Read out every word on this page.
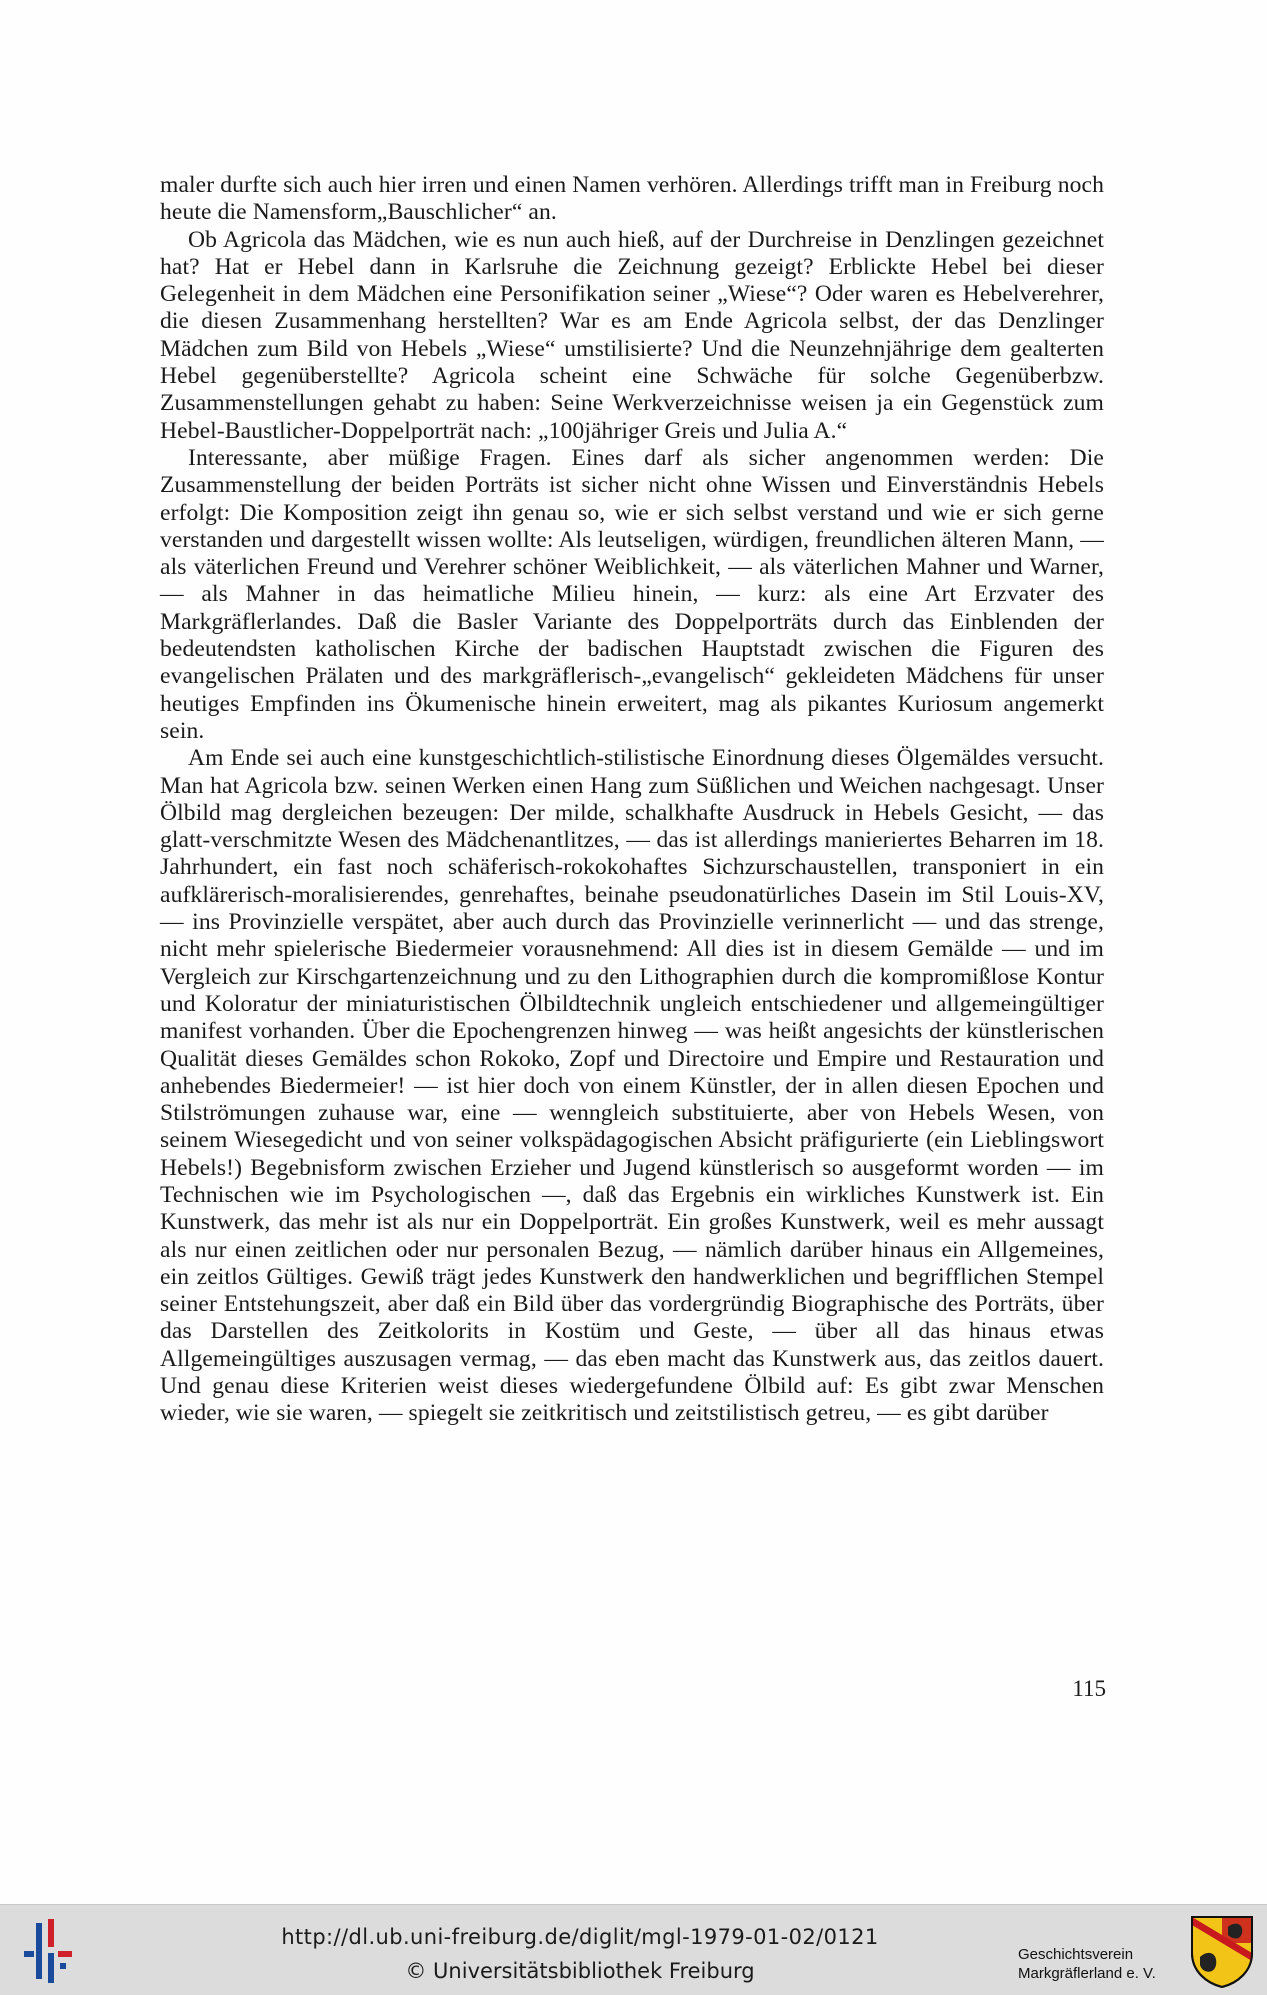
maler durfte sich auch hier irren und einen Namen verhören. Allerdings trifft man in Freiburg noch heute die Namensform„Bauschlicher“ an.

Ob Agricola das Mädchen, wie es nun auch hieß, auf der Durchreise in Denzlingen gezeichnet hat? Hat er Hebel dann in Karlsruhe die Zeichnung gezeigt? Erblickte Hebel bei dieser Gelegenheit in dem Mädchen eine Personifikation seiner „Wiese“? Oder waren es Hebelverehrer, die diesen Zusammenhang herstellten? War es am Ende Agricola selbst, der das Denzlinger Mädchen zum Bild von Hebels „Wiese“ umstilisierte? Und die Neunzehnjährige dem gealterten Hebel gegenüberstellte? Agricola scheint eine Schwäche für solche Gegenüberbzw. Zusammenstellungen gehabt zu haben: Seine Werkverzeichnisse weisen ja ein Gegenstück zum Hebel-Baustlicher-Doppelporträt nach: „100jähriger Greis und Julia A.“

Interessante, aber müßige Fragen. Eines darf als sicher angenommen werden: Die Zusammenstellung der beiden Porträts ist sicher nicht ohne Wissen und Einverständnis Hebels erfolgt: Die Komposition zeigt ihn genau so, wie er sich selbst verstand und wie er sich gerne verstanden und dargestellt wissen wollte: Als leutseligen, würdigen, freundlichen älteren Mann, — als väterlichen Freund und Verehrer schöner Weiblichkeit, — als väterlichen Mahner und Warner, — als Mahner in das heimatliche Milieu hinein, — kurz: als eine Art Erzvater des Markgräflerlandes. Daß die Basler Variante des Doppelporträts durch das Einblenden der bedeutendsten katholischen Kirche der badischen Hauptstadt zwischen die Figuren des evangelischen Prälaten und des markgräflerisch-„evangelisch“ gekleideten Mädchens für unser heutiges Empfinden ins Ökumenische hinein erweitert, mag als pikantes Kuriosum angemerkt sein.

Am Ende sei auch eine kunstgeschichtlich-stilistische Einordnung dieses Ölgemäldes versucht. Man hat Agricola bzw. seinen Werken einen Hang zum Süßlichen und Weichen nachgesagt. Unser Ölbild mag dergleichen bezeugen: Der milde, schalkhafte Ausdruck in Hebels Gesicht, — das glatt-verschmitzte Wesen des Mädchenantlitzes, — das ist allerdings manieriertes Beharren im 18. Jahrhundert, ein fast noch schäferisch-rokokohaftes Sichzurschaustellen, transponiert in ein aufklärerisch-moralisierendes, genrehaftes, beinahe pseudonatürliches Dasein im Stil Louis-XV, — ins Provinzielle verspätet, aber auch durch das Provinzielle verinnerlicht — und das strenge, nicht mehr spielerische Biedermeier vorausnehmend: All dies ist in diesem Gemälde — und im Vergleich zur Kirschgartenzeichnung und zu den Lithographien durch die kompromißlose Kontur und Koloratur der miniaturistischen Ölbildtechnik ungleich entschiedener und allgemeingültiger manifest vorhanden. Über die Epochengrenzen hinweg — was heißt angesichts der künstlerischen Qualität dieses Gemäldes schon Rokoko, Zopf und Directoire und Empire und Restauration und anhebendes Biedermeier! — ist hier doch von einem Künstler, der in allen diesen Epochen und Stilströmungen zuhause war, eine — wenngleich substituierte, aber von Hebels Wesen, von seinem Wiesegedicht und von seiner volkspädagogischen Absicht präfigurierte (ein Lieblingswort Hebels!) Begebnisform zwischen Erzieher und Jugend künstlerisch so ausgeformt worden — im Technischen wie im Psychologischen —, daß das Ergebnis ein wirkliches Kunstwerk ist. Ein Kunstwerk, das mehr ist als nur ein Doppelporträt. Ein großes Kunstwerk, weil es mehr aussagt als nur einen zeitlichen oder nur personalen Bezug, — nämlich darüber hinaus ein Allgemeines, ein zeitlos Gültiges. Gewiß trägt jedes Kunstwerk den handwerklichen und begrifflichen Stempel seiner Entstehungszeit, aber daß ein Bild über das vordergründig Biographische des Porträts, über das Darstellen des Zeitkolorits in Kostüm und Geste, — über all das hinaus etwas Allgemeingültiges auszusagen vermag, — das eben macht das Kunstwerk aus, das zeitlos dauert. Und genau diese Kriterien weist dieses wiedergefundene Ölbild auf: Es gibt zwar Menschen wieder, wie sie waren, — spiegelt sie zeitkritisch und zeitstilistisch getreu, — es gibt darüber

115
http://dl.ub.uni-freiburg.de/diglit/mgl-1979-01-02/0121
© Universitätsbibliothek Freiburg
Geschichtsverein
Markgräflerland e. V.
